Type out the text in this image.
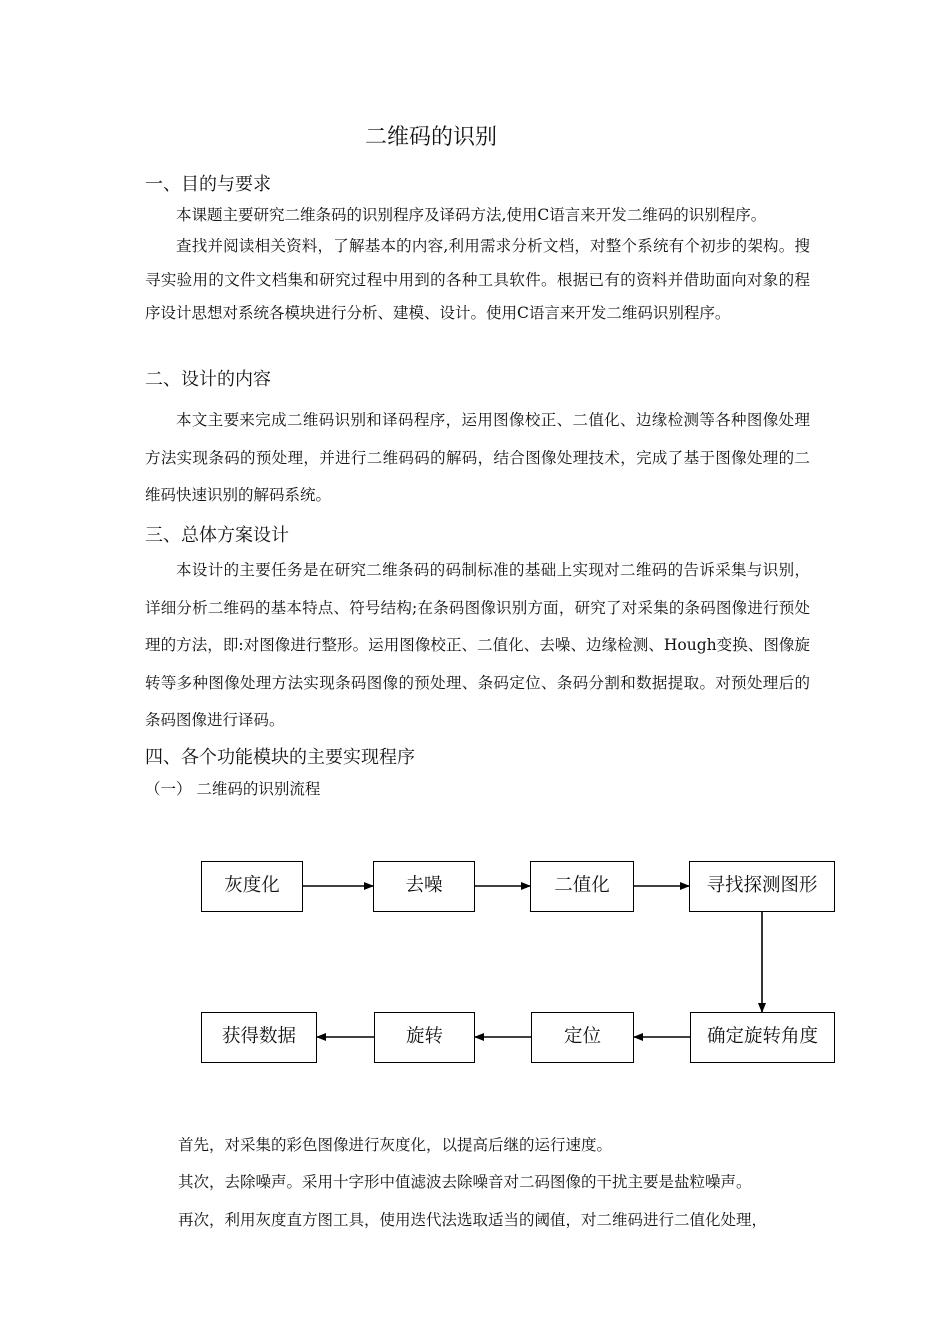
二维码的识别
一、目的与要求
本课题主要研究二维条码的识别程序及译码方法,使用C语言来开发二维码的识别程序。
查找并阅读相关资料，了解基本的内容,利用需求分析文档，对整个系统有个初步的架构。搜寻实验用的文件文档集和研究过程中用到的各种工具软件。根据已有的资料并借助面向对象的程序设计思想对系统各模块进行分析、建模、设计。使用C语言来开发二维码识别程序。
二、设计的内容
本文主要来完成二维码识别和译码程序，运用图像校正、二值化、边缘检测等各种图像处理方法实现条码的预处理，并进行二维码码的解码，结合图像处理技术，完成了基于图像处理的二维码快速识别的解码系统。
三、总体方案设计
本设计的主要任务是在研究二维条码的码制标准的基础上实现对二维码的告诉采集与识别，详细分析二维码的基本特点、符号结构;在条码图像识别方面，研究了对采集的条码图像进行预处理的方法，即:对图像进行整形。运用图像校正、二值化、去噪、边缘检测、Hough变换、图像旋转等多种图像处理方法实现条码图像的预处理、条码定位、条码分割和数据提取。对预处理后的条码图像进行译码。
四、各个功能模块的主要实现程序
（一） 二维码的识别流程
灰度化	去噪	二值化	寻找探测图形
获得数据	旋转	定位	确定旋转角度
首先，对采集的彩色图像进行灰度化，以提高后继的运行速度。
其次，去除噪声。采用十字形中值滤波去除噪音对二码图像的干扰主要是盐粒噪声。
再次，利用灰度直方图工具，使用迭代法选取适当的阈值，对二维码进行二值化处理，
